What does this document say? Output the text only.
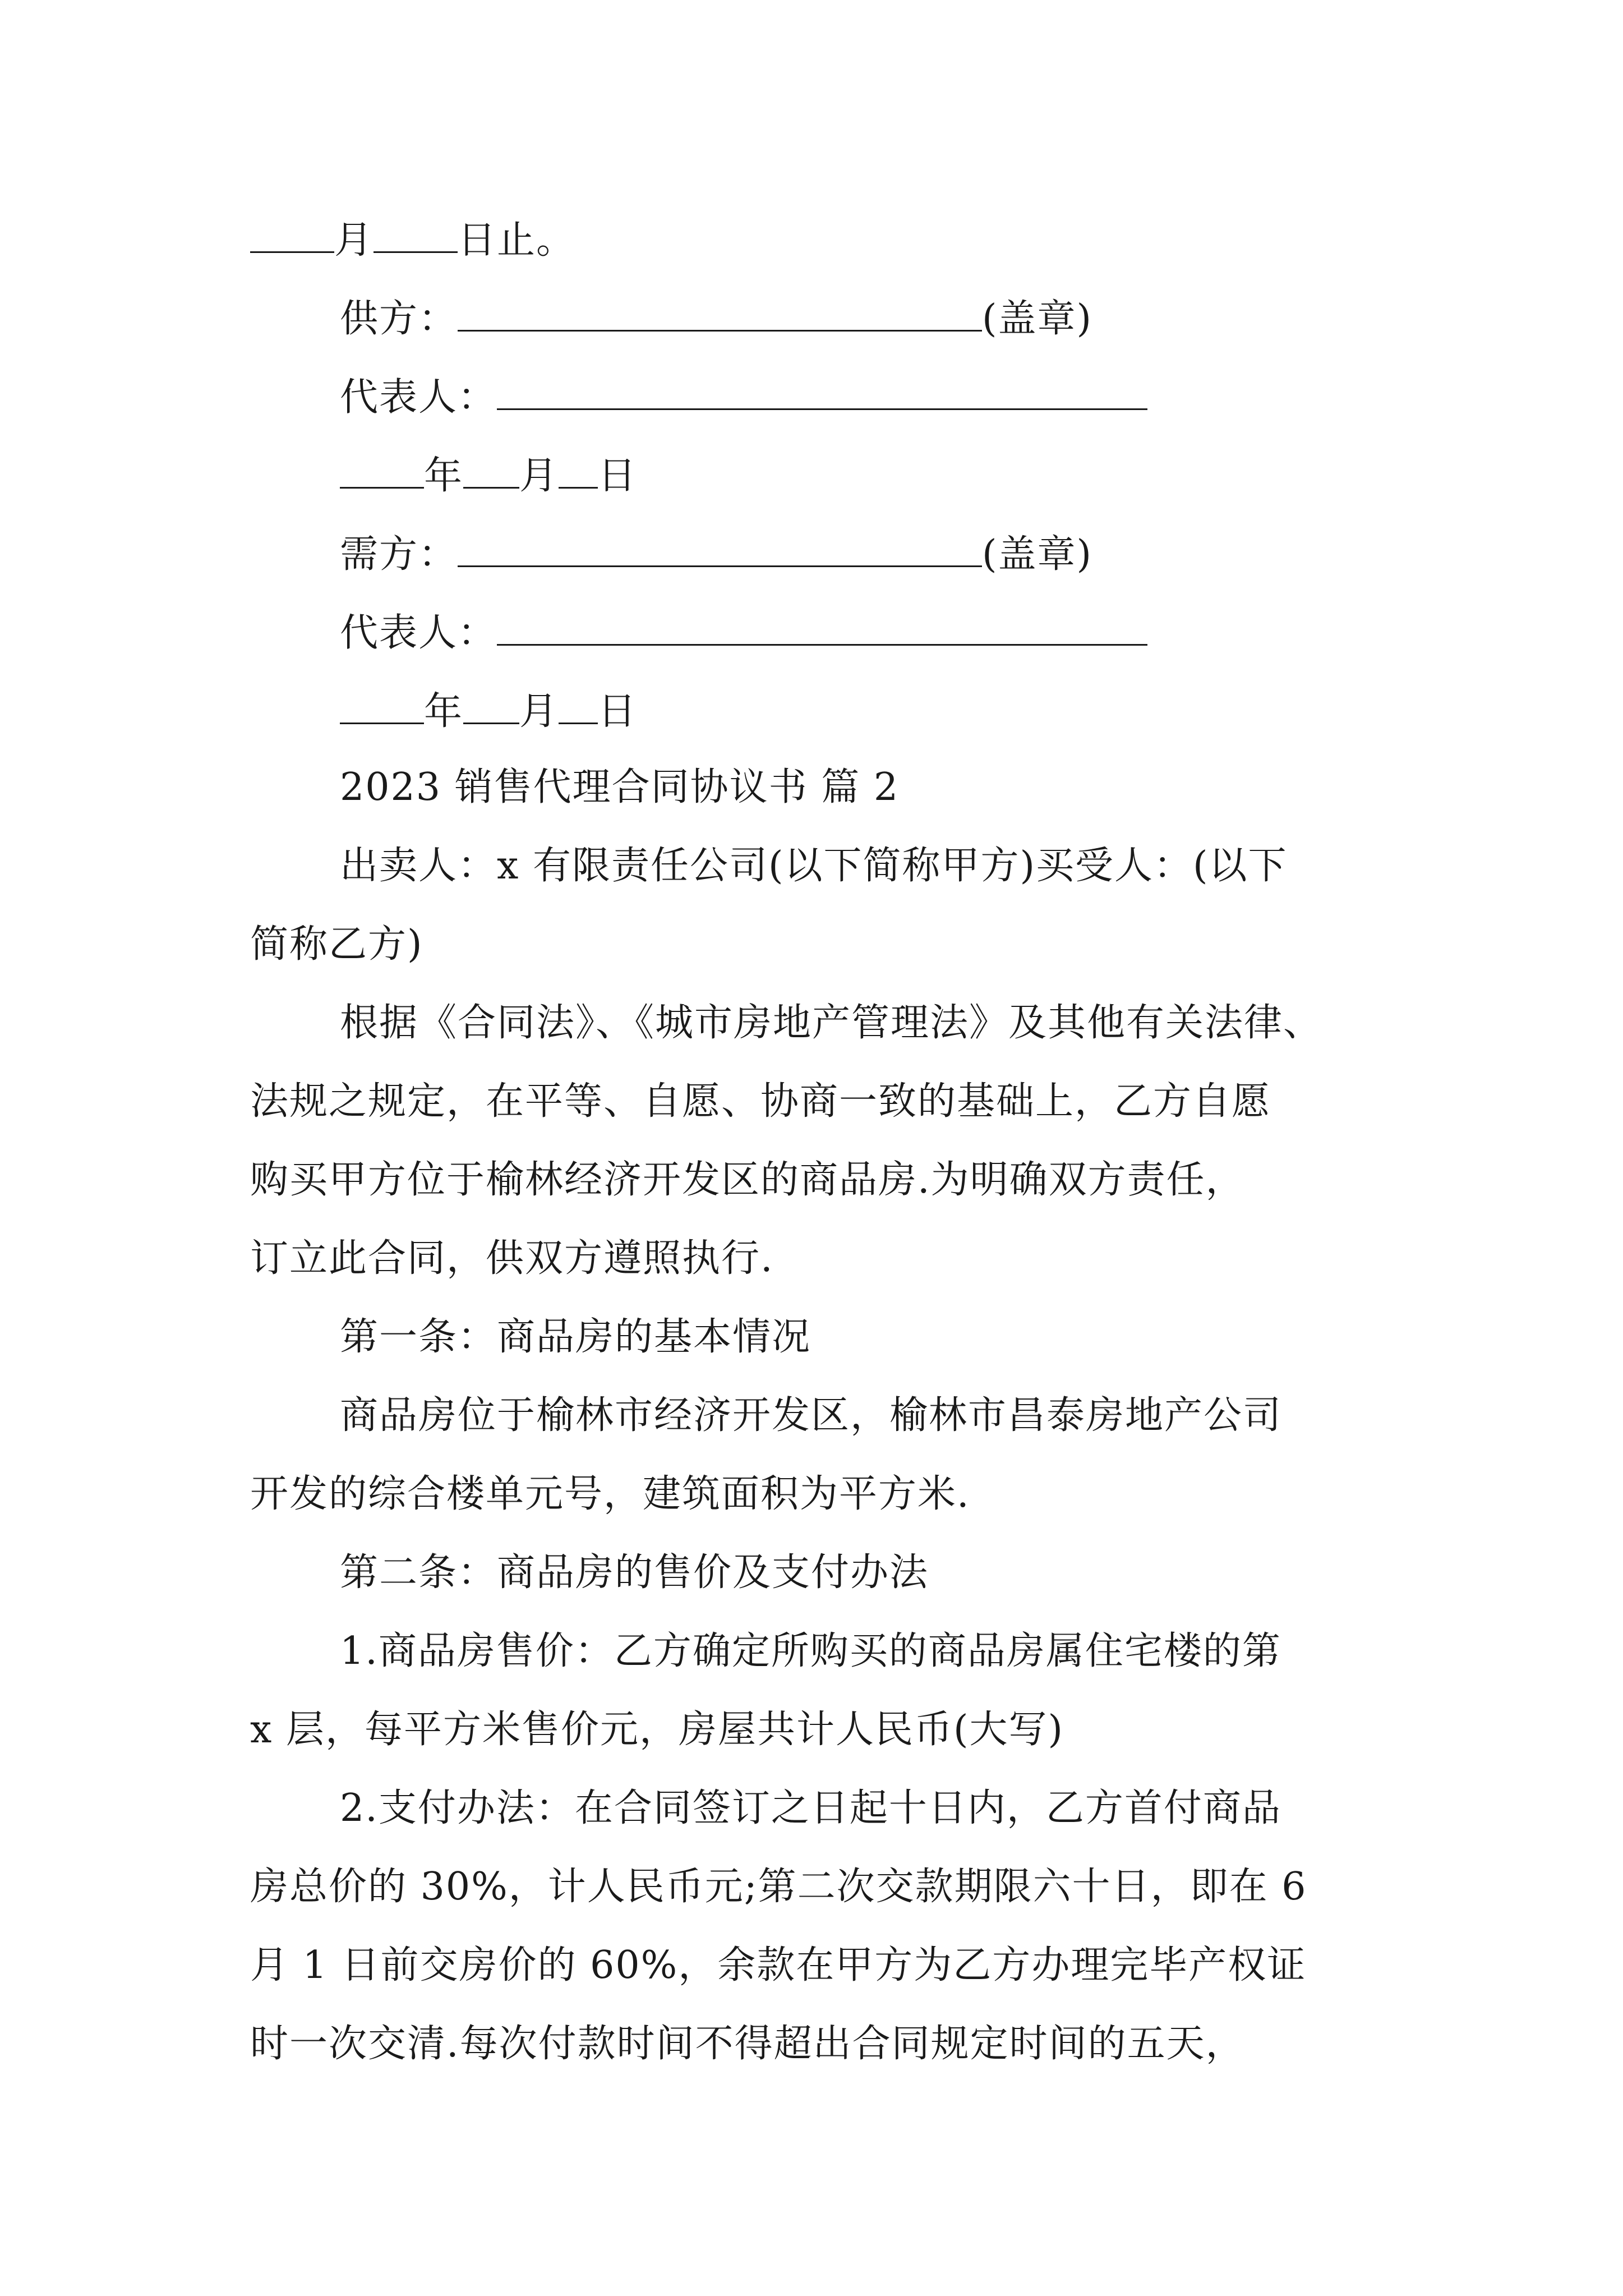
月 日止。
供方：	(盖章)
代表人：
年 月 日
需方：	(盖章)
代表人：
年 月 日
2023 销售代理合同协议书 篇 2
出卖人：x 有限责任公司(以下简称甲方)买受人：(以下
简称乙方)
根据《合同法》、《城市房地产管理法》及其他有关法律、
法规之规定，在平等、自愿、协商一致的基础上，乙方自愿
购买甲方位于榆林经济开发区的商品房.为明确双方责任，
订立此合同，供双方遵照执行.
第一条：商品房的基本情况
商品房位于榆林市经济开发区，榆林市昌泰房地产公司
开发的综合楼单元号，建筑面积为平方米.
第二条：商品房的售价及支付办法
1.商品房售价：乙方确定所购买的商品房属住宅楼的第
x 层，每平方米售价元，房屋共计人民币(大写)
2.支付办法：在合同签订之日起十日内，乙方首付商品
房总价的 30%，计人民币元;第二次交款期限六十日，即在 6
月 1 日前交房价的 60%，余款在甲方为乙方办理完毕产权证
时一次交清.每次付款时间不得超出合同规定时间的五天，
